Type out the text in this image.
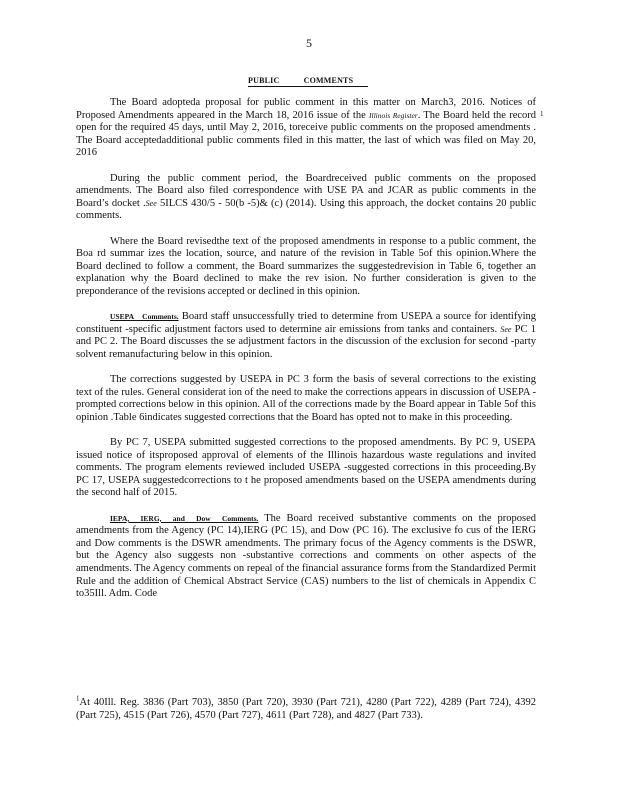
5
PUBLIC COMMENTS
1

The Board adopteda proposal for public comment in this matter on March3, 2016. Notices of Proposed Amendments appeared in the March 18, 2016 issue of the Illinois Register. The Board held the record open for the required 45 days, until May 2, 2016, toreceive public comments on the proposed amendments . The Board acceptedadditional public comments filed in this matter, the last of which was filed on May 20, 2016

During the public comment period, the Boardreceived public comments on the proposed amendments. The Board also filed correspondence with USE PA and JCAR as public comments in the Board’s docket .See 5ILCS 430/5 - 50(b -5)& (c) (2014). Using this approach, the docket contains 20 public comments.

Where the Board revisedthe text of the proposed amendments in response to a public comment, the Boa rd summar izes the location, source, and nature of the revision in Table 5of this opinion.Where the Board declined to follow a comment, the Board summarizes the suggestedrevision in Table 6, together an explanation why the Board declined to make the rev ision. No further consideration is given to the preponderance of the revisions accepted or declined in this opinion.

USEPA Comments. Board staff unsuccessfully tried to determine from USEPA a source for identifying constituent -specific adjustment factors used to determine air emissions from tanks and containers. See PC 1 and PC 2. The Board discusses the se adjustment factors in the discussion of the exclusion for second -party solvent remanufacturing below in this opinion.

The corrections suggested by USEPA in PC 3 form the basis of several corrections to the existing text of the rules. General considerat ion of the need to make the corrections appears in discussion of USEPA -prompted corrections below in this opinion. All of the corrections made by the Board appear in Table 5of this opinion .Table 6indicates suggested corrections that the Board has opted not to make in this proceeding.

By PC 7, USEPA submitted suggested corrections to the proposed amendments. By PC 9, USEPA issued notice of itsproposed approval of elements of the Illinois hazardous waste regulations and invited comments. The program elements reviewed included USEPA -suggested corrections in this proceeding.By PC 17, USEPA suggestedcorrections to t he proposed amendments based on the USEPA amendments during the second half of 2015.

IEPA, IERG, and Dow Comments. The Board received substantive comments on the proposed amendments from the Agency (PC 14),IERG (PC 15), and Dow (PC 16). The exclusive fo cus of the IERG and Dow comments is the DSWR amendments. The primary focus of the Agency comments is the DSWR, but the Agency also suggests non -substantive corrections and comments on other aspects of the amendments. The Agency comments on repeal of the financial assurance forms from the Standardized Permit Rule and the addition of Chemical Abstract Service (CAS) numbers to the list of chemicals in Appendix C to35Ill. Adm. Code

$^1$At 40Ill. Reg. 3836 (Part 703), 3850 (Part 720), 3930 (Part 721), 4280 (Part 722), 4289 (Part 724), 4392 (Part 725), 4515 (Part 726), 4570 (Part 727), 4611 (Part 728), and 4827 (Part 733).
